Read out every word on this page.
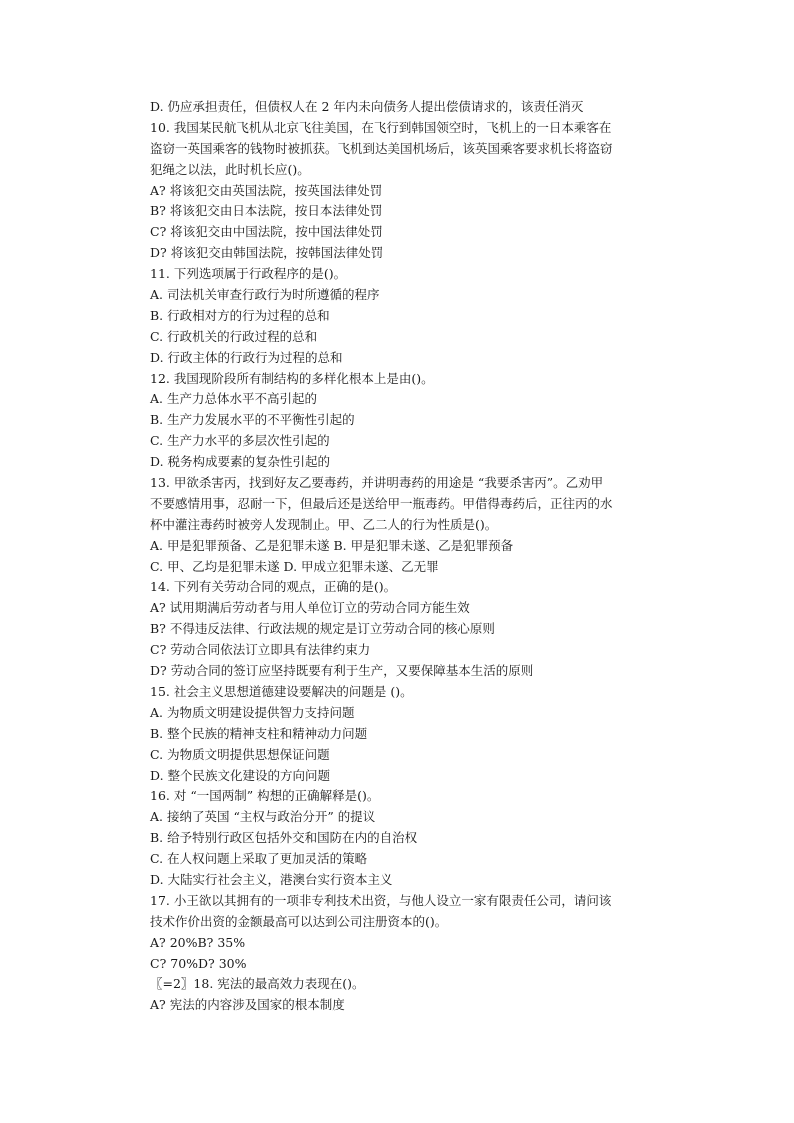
D. 仍应承担责任，但债权人在 2 年内未向债务人提出偿债请求的，该责任消灭
10. 我国某民航飞机从北京飞往美国，在飞行到韩国领空时，飞机上的一日本乘客在
盗窃一英国乘客的钱物时被抓获。飞机到达美国机场后，该英国乘客要求机长将盗窃
犯绳之以法，此时机长应()。
A? 将该犯交由英国法院，按英国法律处罚
B? 将该犯交由日本法院，按日本法律处罚
C? 将该犯交由中国法院，按中国法律处罚
D? 将该犯交由韩国法院，按韩国法律处罚
11. 下列选项属于行政程序的是()。
A. 司法机关审查行政行为时所遵循的程序
B. 行政相对方的行为过程的总和
C. 行政机关的行政过程的总和
D. 行政主体的行政行为过程的总和
12. 我国现阶段所有制结构的多样化根本上是由()。
A. 生产力总体水平不高引起的
B. 生产力发展水平的不平衡性引起的
C. 生产力水平的多层次性引起的
D. 税务构成要素的复杂性引起的
13. 甲欲杀害丙，找到好友乙要毒药，并讲明毒药的用途是 “我要杀害丙”。乙劝甲
不要感情用事，忍耐一下，但最后还是送给甲一瓶毒药。甲借得毒药后，正往丙的水
杯中灌注毒药时被旁人发现制止。甲、乙二人的行为性质是()。
A. 甲是犯罪预备、乙是犯罪未遂 B. 甲是犯罪未遂、乙是犯罪预备
C. 甲、乙均是犯罪未遂 D. 甲成立犯罪未遂、乙无罪
14. 下列有关劳动合同的观点，正确的是()。
A? 试用期满后劳动者与用人单位订立的劳动合同方能生效
B? 不得违反法律、行政法规的规定是订立劳动合同的核心原则
C? 劳动合同依法订立即具有法律约束力
D? 劳动合同的签订应坚持既要有利于生产，又要保障基本生活的原则
15. 社会主义思想道德建设要解决的问题是 ()。
A. 为物质文明建设提供智力支持问题
B. 整个民族的精神支柱和精神动力问题
C. 为物质文明提供思想保证问题
D. 整个民族文化建设的方向问题
16. 对 “一国两制” 构想的正确解释是()。
A. 接纳了英国 “主权与政治分开” 的提议
B. 给予特别行政区包括外交和国防在内的自治权
C. 在人权问题上采取了更加灵活的策略
D. 大陆实行社会主义，港澳台实行资本主义
17. 小王欲以其拥有的一项非专利技术出资，与他人设立一家有限责任公司，请问该
技术作价出资的金额最高可以达到公司注册资本的()。
A? 20%B? 35%
C? 70%D? 30%
〖=2〗18. 宪法的最高效力表现在()。
A? 宪法的内容涉及国家的根本制度
